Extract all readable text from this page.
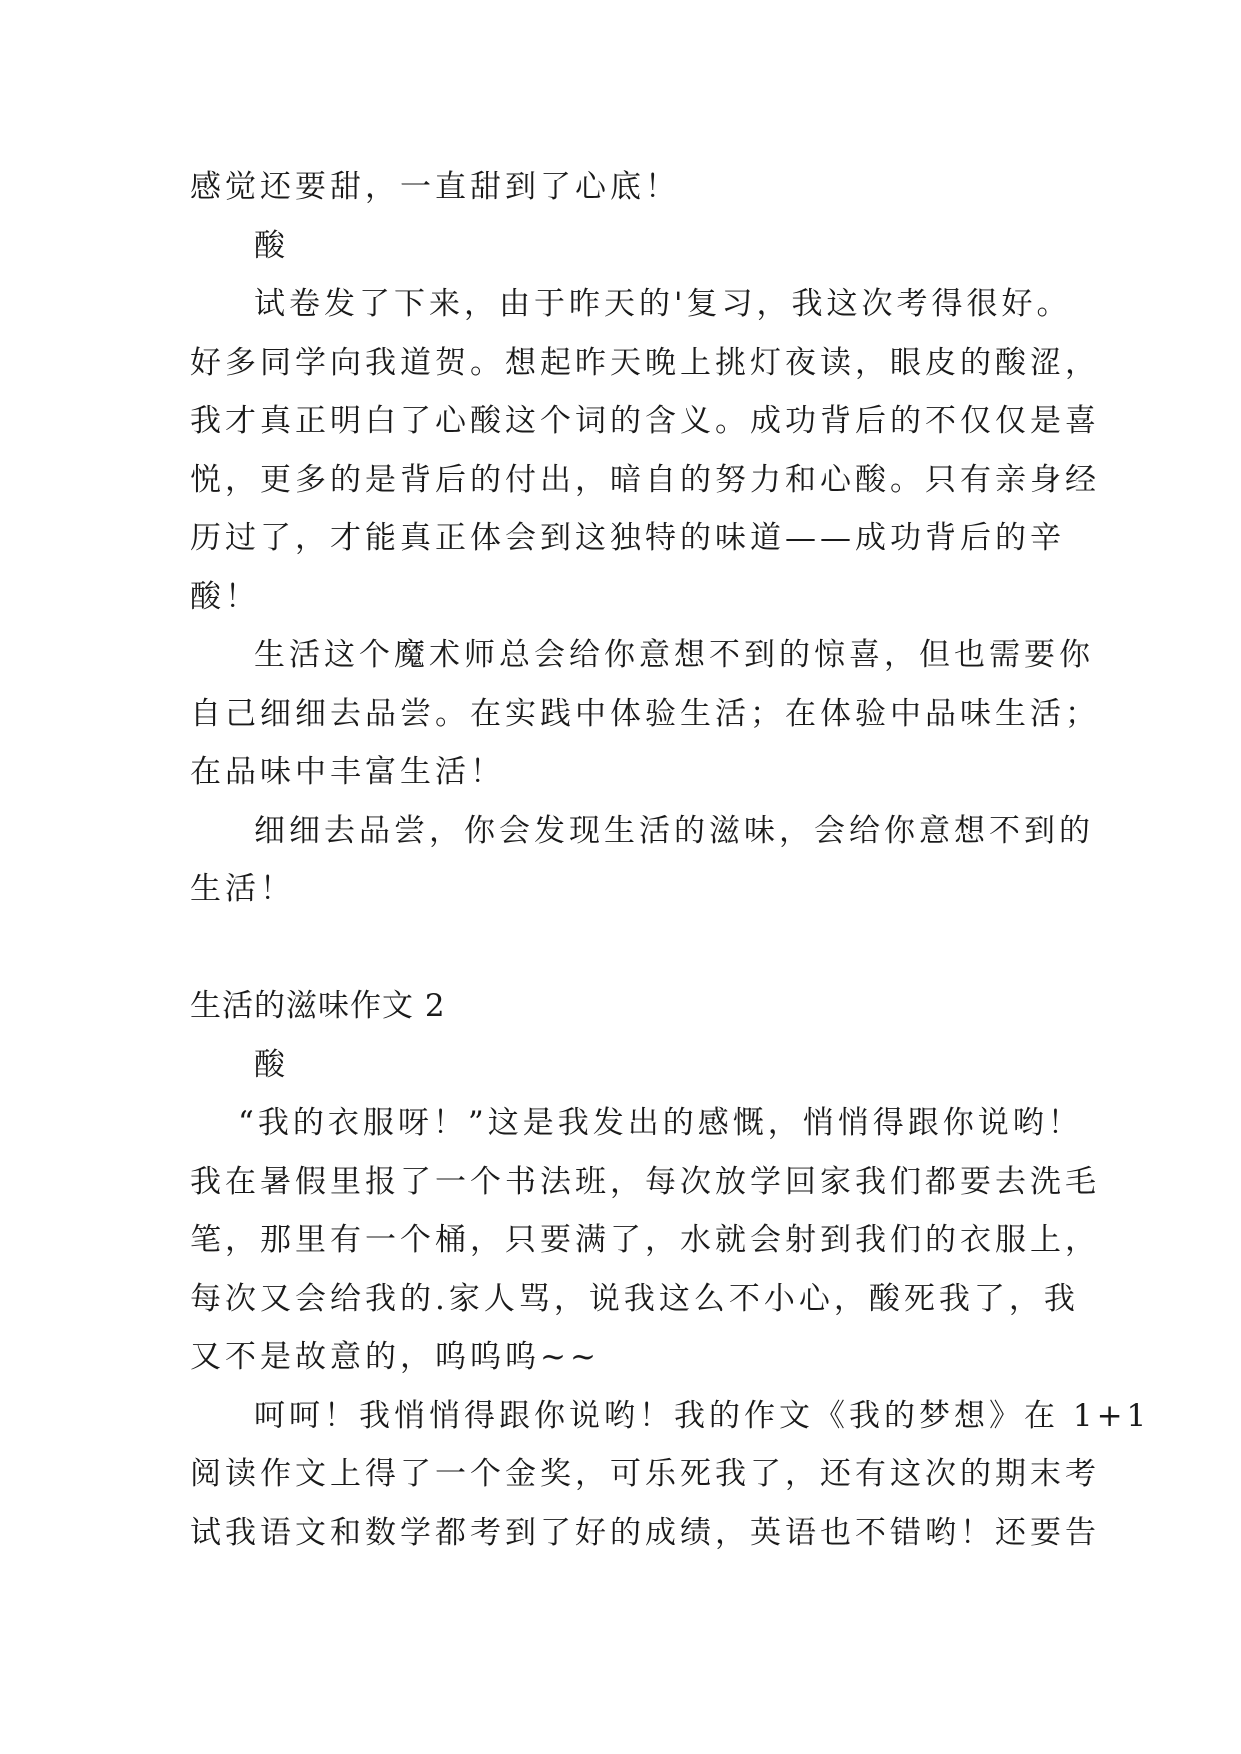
感觉还要甜，一直甜到了心底！
酸
试卷发了下来，由于昨天的'复习，我这次考得很好。
好多同学向我道贺。想起昨天晚上挑灯夜读，眼皮的酸涩，
我才真正明白了心酸这个词的含义。成功背后的不仅仅是喜
悦，更多的是背后的付出，暗自的努力和心酸。只有亲身经
历过了，才能真正体会到这独特的味道——成功背后的辛
酸！
生活这个魔术师总会给你意想不到的惊喜，但也需要你
自己细细去品尝。在实践中体验生活；在体验中品味生活；
在品味中丰富生活！
细细去品尝，你会发现生活的滋味，会给你意想不到的
生活！
生活的滋味作文 2
酸
“我的衣服呀！”这是我发出的感慨，悄悄得跟你说哟！
我在暑假里报了一个书法班，每次放学回家我们都要去洗毛
笔，那里有一个桶，只要满了，水就会射到我们的衣服上，
每次又会给我的.家人骂，说我这么不小心，酸死我了，我
又不是故意的，呜呜呜~~
呵呵！我悄悄得跟你说哟！我的作文《我的梦想》在 1+1
阅读作文上得了一个金奖，可乐死我了，还有这次的期末考
试我语文和数学都考到了好的成绩，英语也不错哟！还要告
